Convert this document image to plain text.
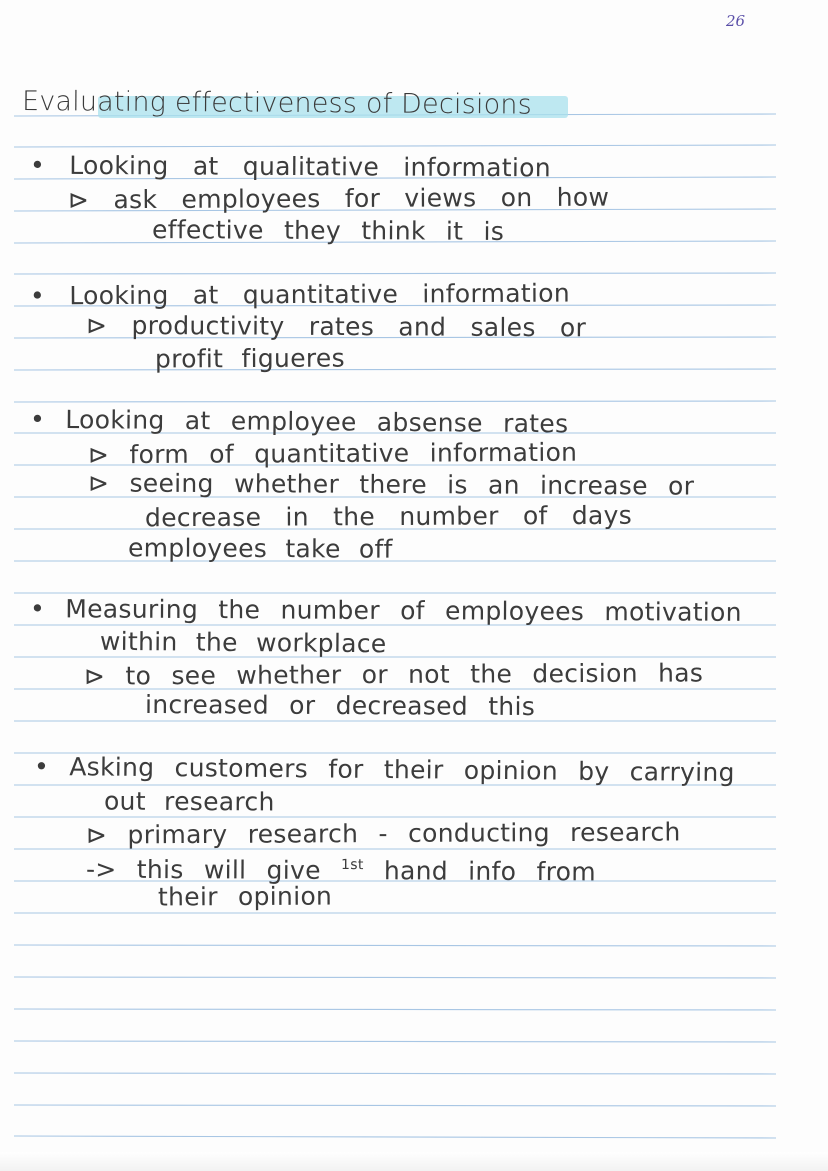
26
Evaluating effectiveness of Decisions
• Looking at qualitative information
⊳ ask employees for views on how
effective they think it is
• Looking at quantitative information
⊳ productivity rates and sales or
profit figueres
• Looking at employee absense rates
⊳ form of quantitative information
⊳ seeing whether there is an increase or
decrease in the number of days
employees take off
• Measuring the number of employees motivation
within the workplace
⊳ to see whether or not the decision has
increased or decreased this
• Asking customers for their opinion by carrying
out research
⊳ primary research - conducting research
-> this will give $^{1st}$ hand info from
their opinion
